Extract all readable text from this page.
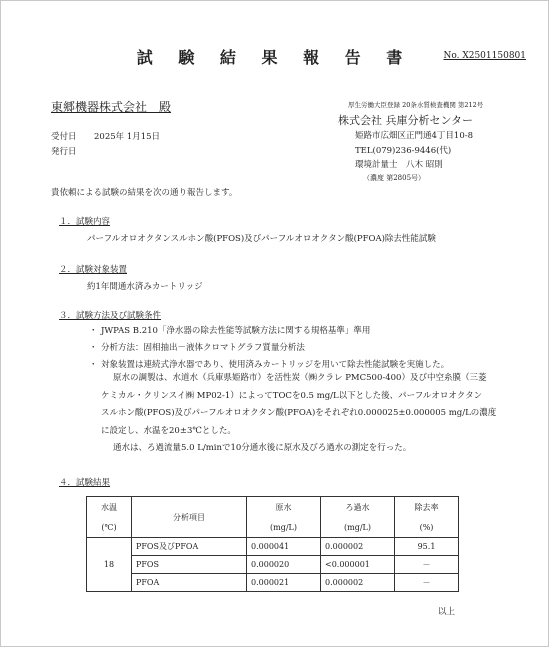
試 験 結 果 報 告 書	No. X2501150801
東郷機器株式会社　殿
受付日 2025年 1月15日
発行日
厚生労働大臣登録 20条水質検査機関 第212号
株式会社 兵庫分析センター
姫路市広畑区正門通4丁目10-8
TEL(079)236-9446(代)
環境計量士　八木 昭則
（濃度 第2805号）
貴依頼による試験の結果を次の通り報告します。
１．試験内容
パーフルオロオクタンスルホン酸(PFOS)及びパーフルオロオクタン酸(PFOA)除去性能試験
２．試験対象装置
約1年間通水済みカートリッジ
３．試験方法及び試験条件
・ JWPAS B.210「浄水器の除去性能等試験方法に関する規格基準」準用
・ 分析方法：固相抽出－液体クロマトグラフ質量分析法
・ 対象装置は連続式浄水器であり、使用済みカートリッジを用いて除去性能試験を実施した。
原水の調製は、水道水（兵庫県姫路市）を活性炭（㈱クラレ PMC500-400）及び中空糸膜（三菱
ケミカル・クリンスイ㈱ MP02-1）によってTOCを0.5 mg/L以下とした後、パーフルオロオクタン
スルホン酸(PFOS)及びパーフルオロオクタン酸(PFOA)をそれぞれ0.000025±0.000005 mg/Lの濃度
に設定し、水温を20±3℃とした。
通水は、ろ過流量5.0 L/minで10分通水後に原水及びろ過水の測定を行った。
４．試験結果
水温	分析項目	原水	ろ過水	除去率
(℃)		(mg/L)	(mg/L)	(%)
18	PFOS及びPFOA	0.000041	0.000002	95.1
	PFOS	0.000020	<0.000001	－
	PFOA	0.000021	0.000002	－
以上
